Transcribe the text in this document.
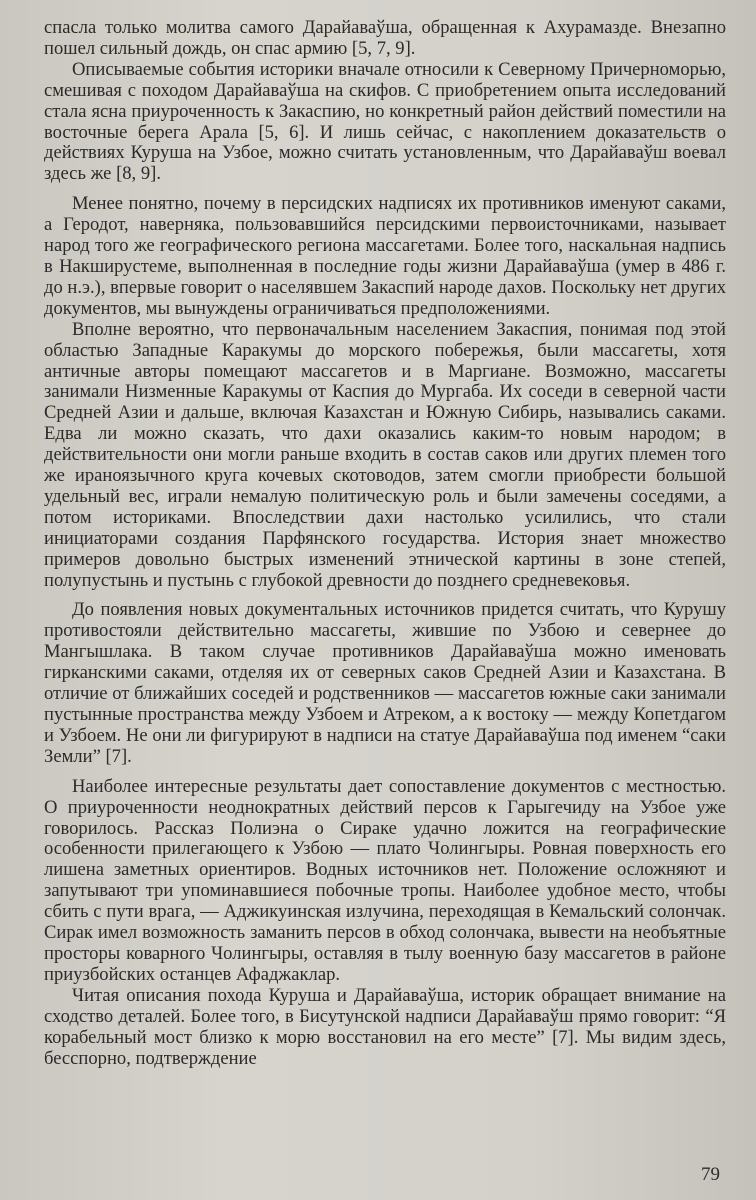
спасла только молитва самого Дарайаваўша, обращенная к Ахурамазде. Внезапно пошел сильный дождь, он спас армию [5, 7, 9].

Описываемые события историки вначале относили к Северному Причерноморью, смешивая с походом Дарайаваўша на скифов. С приобретением опыта исследований стала ясна приуроченность к Закаспию, но конкретный район действий поместили на восточные берега Арала [5, 6]. И лишь сейчас, с накоплением доказательств о действиях Куруша на Узбое, можно считать установленным, что Дарайаваўш воевал здесь же [8, 9].

Менее понятно, почему в персидских надписях их противников именуют саками, а Геродот, наверняка, пользовавшийся персидскими первоисточниками, называет народ того же географического региона массагетами. Более того, наскальная надпись в Накширустеме, выполненная в последние годы жизни Дарайаваўша (умер в 486 г. до н.э.), впервые говорит о населявшем Закаспий народе дахов. Поскольку нет других документов, мы вынуждены ограничиваться предположениями.

Вполне вероятно, что первоначальным населением Закаспия, понимая под этой областью Западные Каракумы до морского побережья, были массагеты, хотя античные авторы помещают массагетов и в Маргиане. Возможно, массагеты занимали Низменные Каракумы от Каспия до Мургаба. Их соседи в северной части Средней Азии и дальше, включая Казахстан и Южную Сибирь, назывались саками. Едва ли можно сказать, что дахи оказались каким-то новым народом; в действительности они могли раньше входить в состав саков или других племен того же ираноязычного круга кочевых скотоводов, затем смогли приобрести большой удельный вес, играли немалую политическую роль и были замечены соседями, а потом историками. Впоследствии дахи настолько усилились, что стали инициаторами создания Парфянского государства. История знает множество примеров довольно быстрых изменений этнической картины в зоне степей, полупустынь и пустынь с глубокой древности до позднего средневековья.

До появления новых документальных источников придется считать, что Курушу противостояли действительно массагеты, жившие по Узбою и севернее до Мангышлака. В таком случае противников Дарайаваўша можно именовать гирканскими саками, отделяя их от северных саков Средней Азии и Казахстана. В отличие от ближайших соседей и родственников — массагетов южные саки занимали пустынные пространства между Узбоем и Атреком, а к востоку — между Копетдагом и Узбоем. Не они ли фигурируют в надписи на статуе Дарайаваўша под именем “саки Земли” [7].

Наиболее интересные результаты дает сопоставление документов с местностью. О приуроченности неоднократных действий персов к Гарыгечиду на Узбое уже говорилось. Рассказ Полиэна о Сираке удачно ложится на географические особенности прилегающего к Узбою — плато Чолингыры. Ровная поверхность его лишена заметных ориентиров. Водных источников нет. Положение осложняют и запутывают три упоминавшиеся побочные тропы. Наиболее удобное место, чтобы сбить с пути врага, — Аджикуинская излучина, переходящая в Кемальский солончак. Сирак имел возможность заманить персов в обход солончака, вывести на необъятные просторы коварного Чолингыры, оставляя в тылу военную базу массагетов в районе приузбойских останцев Афаджаклар.

Читая описания похода Куруша и Дарайаваўша, историк обращает внимание на сходство деталей. Более того, в Бисутунской надписи Дарайаваўш прямо говорит: “Я корабельный мост близко к морю восстановил на его месте” [7]. Мы видим здесь, бесспорно, подтверждение

79
